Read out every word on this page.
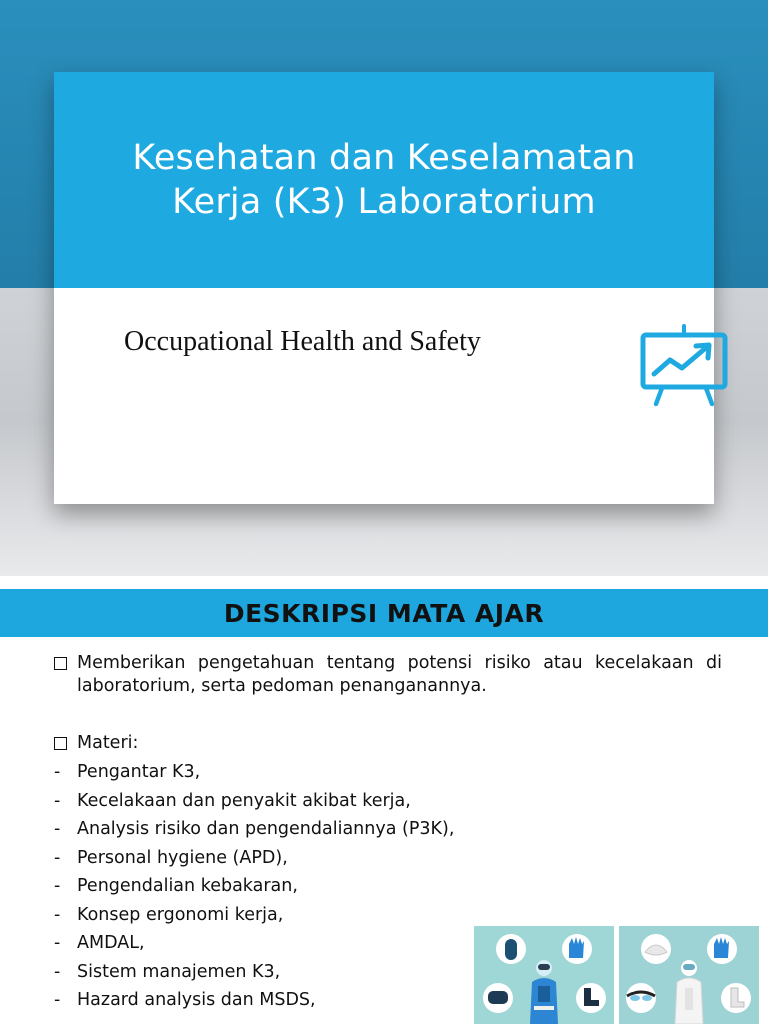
Kesehatan dan Keselamatan Kerja (K3) Laboratorium
Occupational Health and Safety
DESKRIPSI MATA AJAR

Memberikan pengetahuan tentang potensi risiko atau kecelakaan di laboratorium, serta pedoman penanganannya.

Materi:
- Pengantar K3,
- Kecelakaan dan penyakit akibat kerja,
- Analysis risiko dan pengendaliannya (P3K),
- Personal hygiene (APD),
- Pengendalian kebakaran,
- Konsep ergonomi kerja,
- AMDAL,
- Sistem manajemen K3,
- Hazard analysis dan MSDS,
